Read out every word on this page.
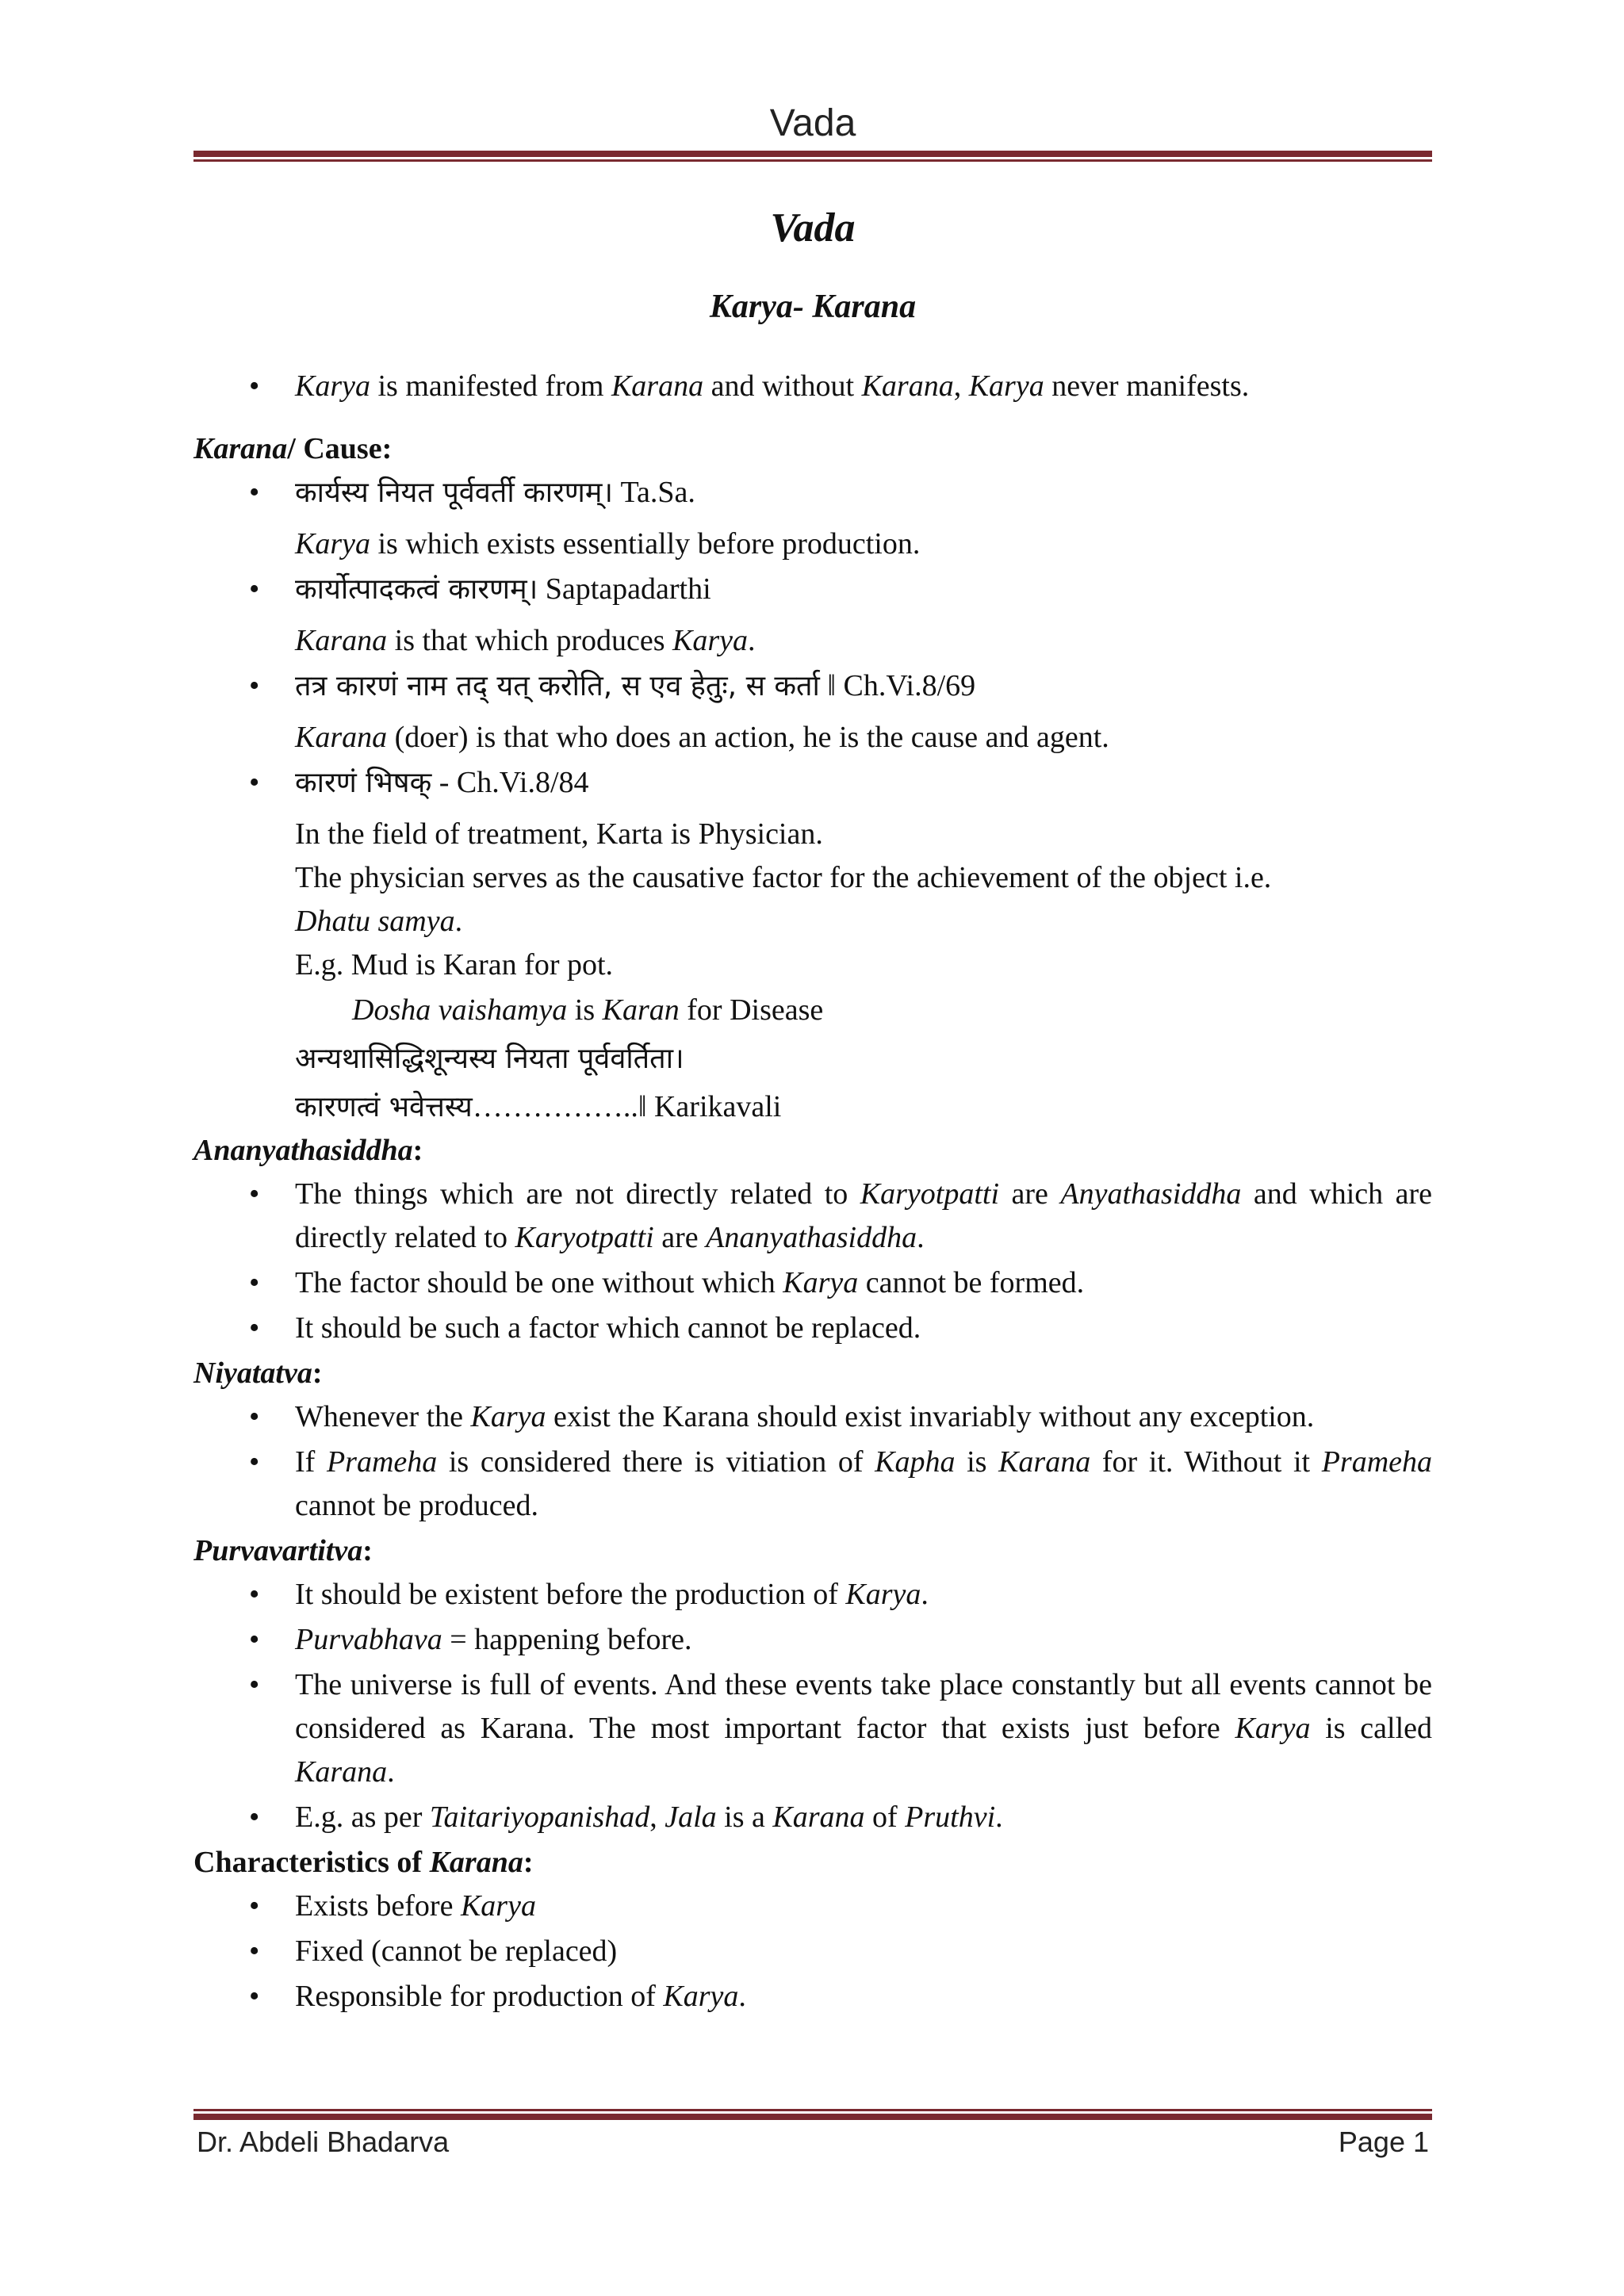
Vada
Vada
Karya- Karana
• Karya is manifested from Karana and without Karana, Karya never manifests.

Karana/ Cause:

• कार्यस्य नियत पूर्ववर्ती कारणम्। Ta.Sa.
Karya is which exists essentially before production.
• कार्योत्पादकत्वं कारणम्। Saptapadarthi
Karana is that which produces Karya.
• तत्र कारणं नाम तद् यत् करोति, स एव हेतुः, स कर्ता ‖ Ch.Vi.8/69
Karana (doer) is that who does an action, he is the cause and agent.
• कारणं भिषक् - Ch.Vi.8/84
In the field of treatment, Karta is Physician.
The physician serves as the causative factor for the achievement of the object i.e.
Dhatu samya.
E.g. Mud is Karan for pot.

Dosha vaishamya is Karan for Disease

अन्यथासिद्धिशून्यस्य नियता पूर्ववर्तिता।

कारणत्वं भवेत्तस्य……………..‖ Karikavali

Ananyathasiddha:

• The things which are not directly related to Karyotpatti are Anyathasiddha and which are directly related to Karyotpatti are Ananyathasiddha.
• The factor should be one without which Karya cannot be formed.
• It should be such a factor which cannot be replaced.

Niyatatva:

• Whenever the Karya exist the Karana should exist invariably without any exception.
• If Prameha is considered there is vitiation of Kapha is Karana for it. Without it Prameha cannot be produced.

Purvavartitva:

• It should be existent before the production of Karya.
• Purvabhava = happening before.
• The universe is full of events. And these events take place constantly but all events cannot be considered as Karana. The most important factor that exists just before Karya is called Karana.
• E.g. as per Taitariyopanishad, Jala is a Karana of Pruthvi.

Characteristics of Karana:

• Exists before Karya
• Fixed (cannot be replaced)
• Responsible for production of Karya.
Dr. Abdeli Bhadarva	Page 1
